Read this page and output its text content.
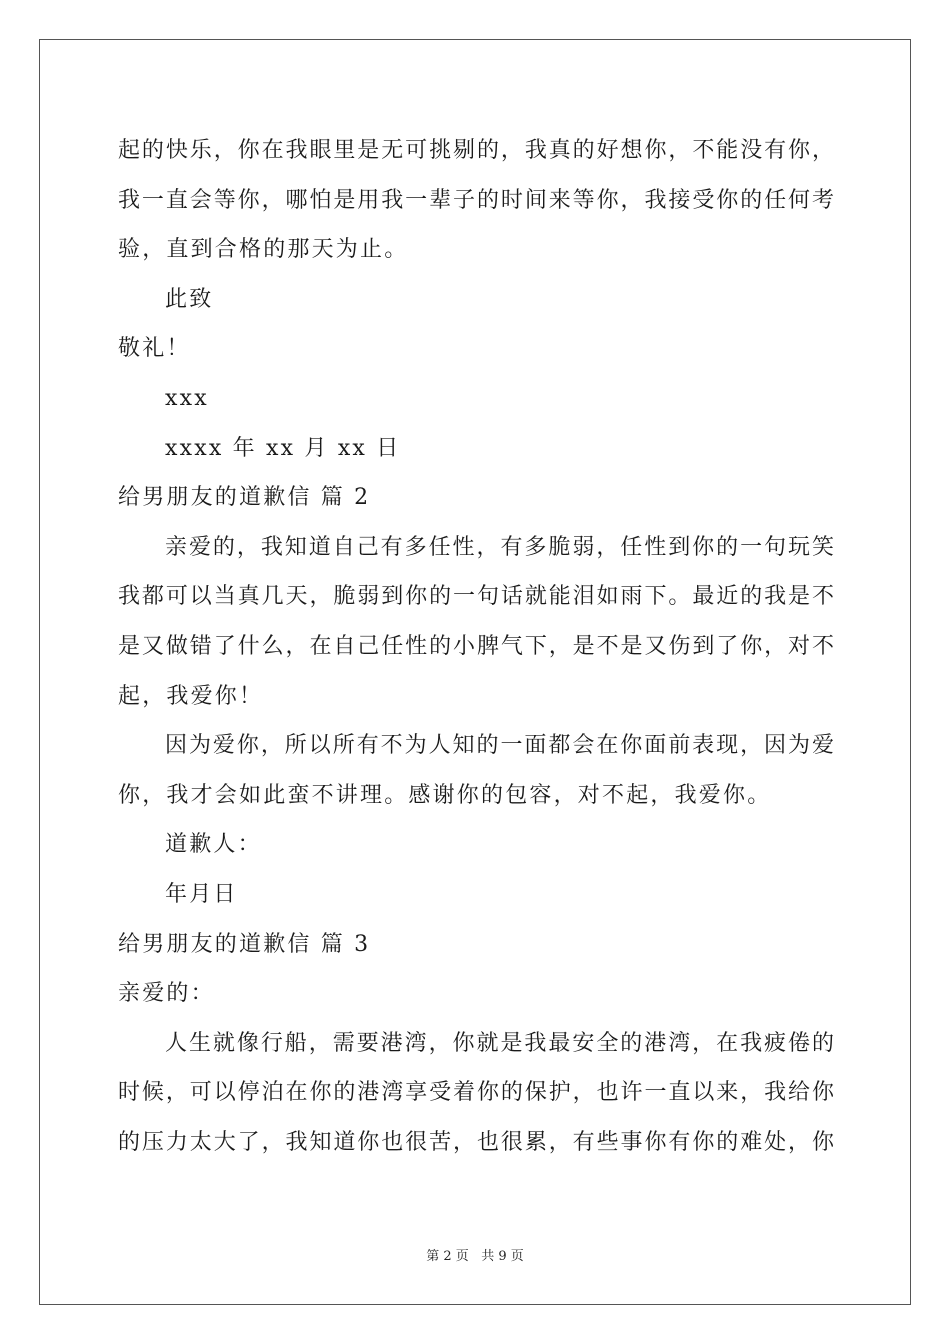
起的快乐，你在我眼里是无可挑剔的，我真的好想你，不能没有你，
我一直会等你，哪怕是用我一辈子的时间来等你，我接受你的任何考
验，直到合格的那天为止。
此致
敬礼！
xxx
xxxx 年 xx 月 xx 日
给男朋友的道歉信 篇 2
亲爱的，我知道自己有多任性，有多脆弱，任性到你的一句玩笑
我都可以当真几天，脆弱到你的一句话就能泪如雨下。最近的我是不
是又做错了什么，在自己任性的小脾气下，是不是又伤到了你，对不
起，我爱你！
因为爱你，所以所有不为人知的一面都会在你面前表现，因为爱
你，我才会如此蛮不讲理。感谢你的包容，对不起，我爱你。
道歉人：
年月日
给男朋友的道歉信 篇 3
亲爱的：
人生就像行船，需要港湾，你就是我最安全的港湾，在我疲倦的
时候，可以停泊在你的港湾享受着你的保护，也许一直以来，我给你
的压力太大了，我知道你也很苦，也很累，有些事你有你的难处，你
第 2 页 共 9 页
